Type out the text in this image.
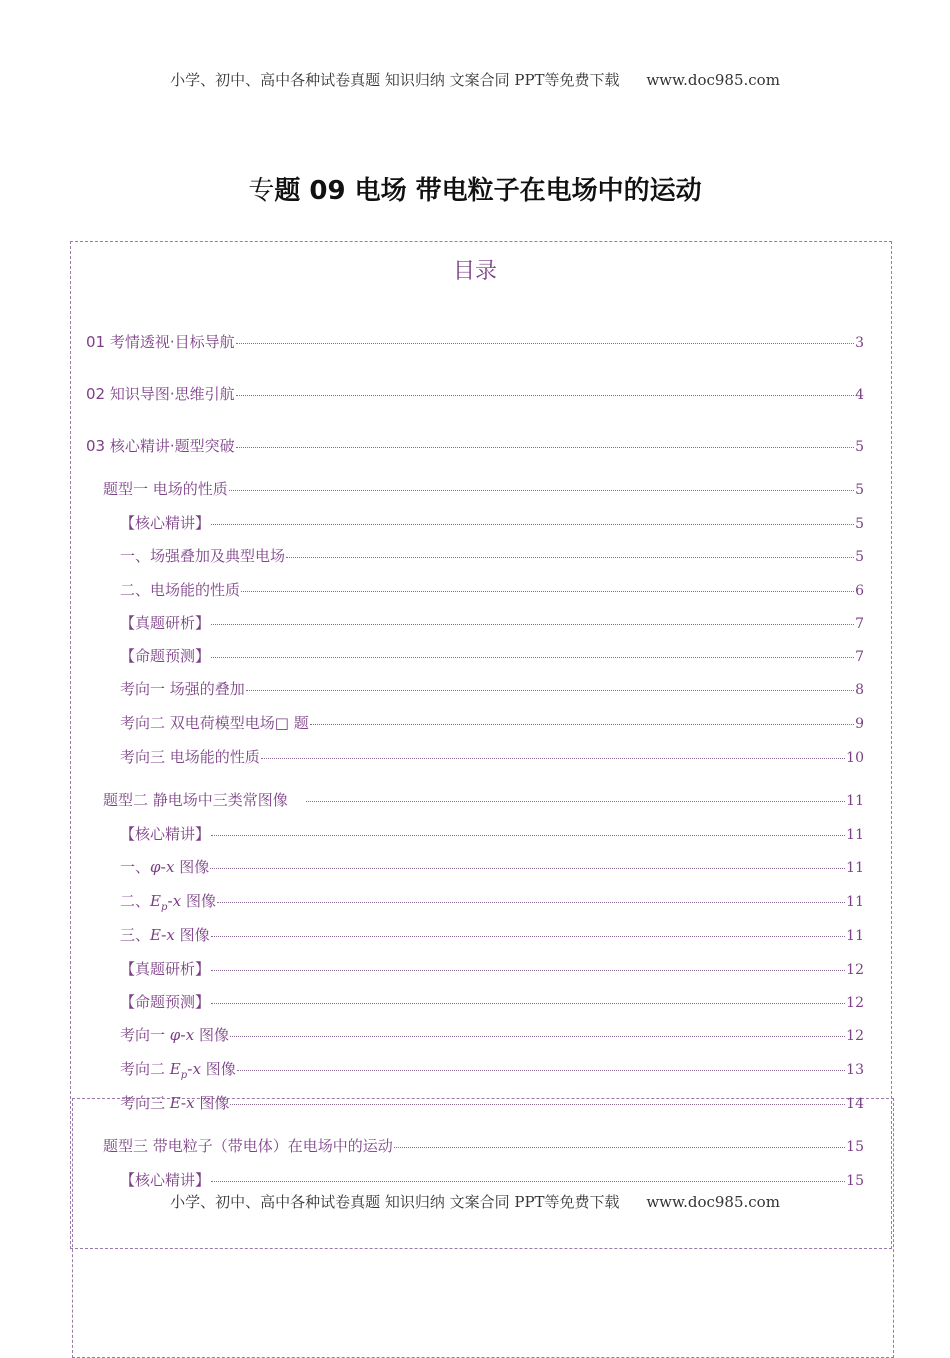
小学、初中、高中各种试卷真题 知识归纳 文案合同 PPT等免费下载 www.doc985.com
专题 09 电场 带电粒子在电场中的运动
目录
01 考情透视·目标导航	3
02 知识导图·思维引航	4
03 核心精讲·题型突破	5
题型一 电场的性质	5
【核心精讲】	5
一、场强叠加及典型电场	5
二、电场能的性质	6
【真题研析】	7
【命题预测】	7
考向一 场强的叠加	8
考向二 双电荷模型电场□ 题	9
考向三 电场能的性质	10
题型二 静电场中三类常图像	11
【核心精讲】	11
一、φ-x 图像	11
二、$E_p-x$ 图像	11
三、E-x 图像	11
【真题研析】	12
【命题预测】	12
考向一 φ-x 图像	12
考向二 $E_p-x$ 图像	13
考向三 E-x 图像	14
题型三 带电粒子（带电体）在电场中的运动	15
【核心精讲】	15
小学、初中、高中各种试卷真题 知识归纳 文案合同 PPT等免费下载 www.doc985.com
